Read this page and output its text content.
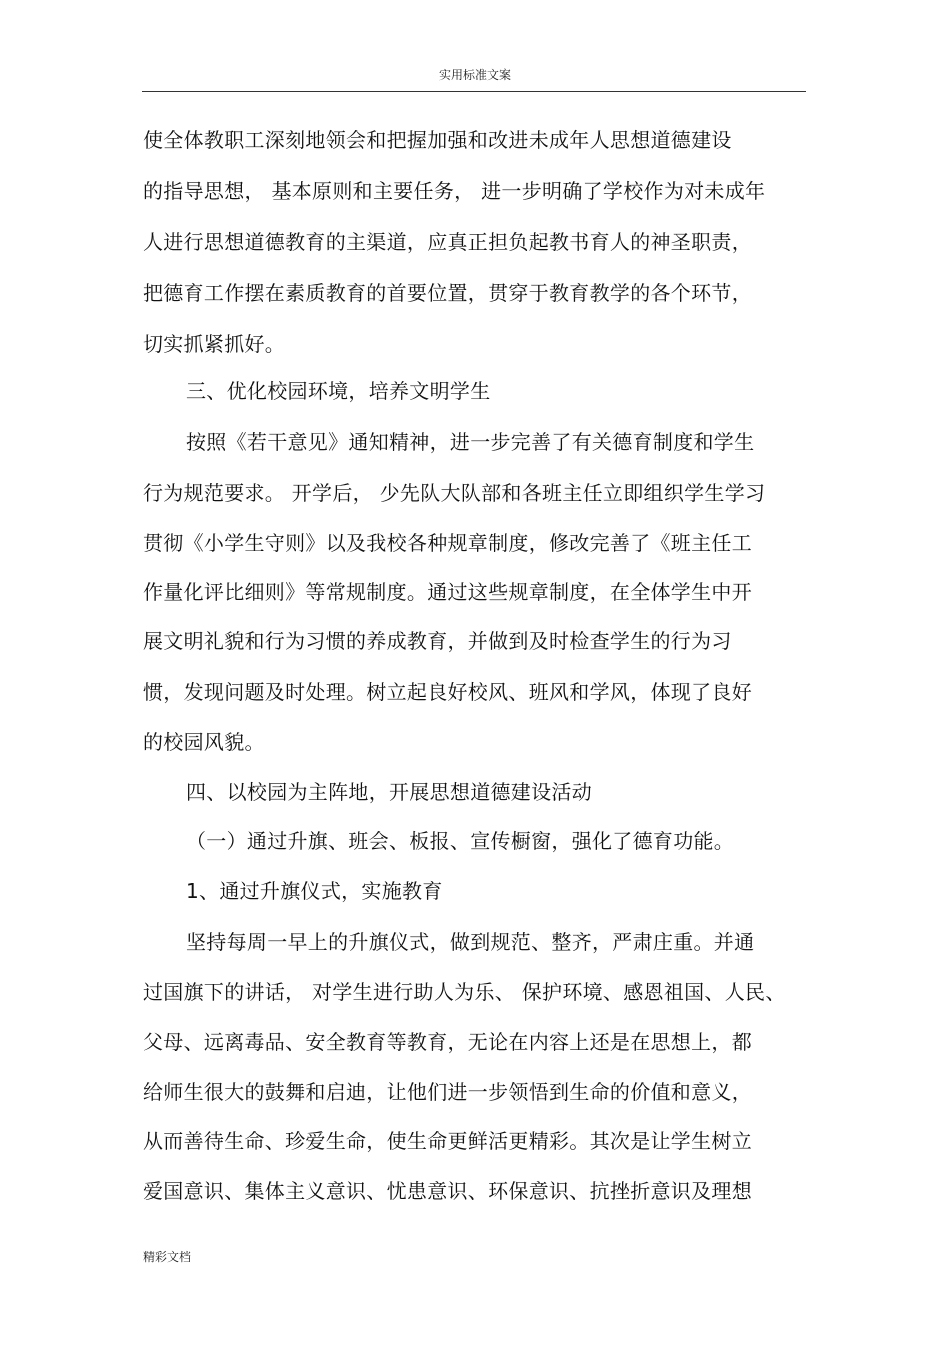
实用标准文案

使全体教职工深刻地领会和把握加强和改进未成年人思想道德建设

的指导思想， 基本原则和主要任务， 进一步明确了学校作为对未成年

人进行思想道德教育的主渠道，应真正担负起教书育人的神圣职责，

把德育工作摆在素质教育的首要位置，贯穿于教育教学的各个环节，

切实抓紧抓好。

三、优化校园环境，培养文明学生

按照《若干意见》通知精神，进一步完善了有关德育制度和学生

行为规范要求。 开学后， 少先队大队部和各班主任立即组织学生学习

贯彻《小学生守则》以及我校各种规章制度，修改完善了《班主任工

作量化评比细则》等常规制度。通过这些规章制度，在全体学生中开

展文明礼貌和行为习惯的养成教育，并做到及时检查学生的行为习

惯，发现问题及时处理。树立起良好校风、班风和学风，体现了良好

的校园风貌。

四、以校园为主阵地，开展思想道德建设活动

（一）通过升旗、班会、板报、宣传橱窗，强化了德育功能。

1、通过升旗仪式，实施教育

坚持每周一早上的升旗仪式，做到规范、整齐，严肃庄重。并通

过国旗下的讲话， 对学生进行助人为乐、 保护环境、感恩祖国、人民、

父母、远离毒品、安全教育等教育，无论在内容上还是在思想上，都

给师生很大的鼓舞和启迪，让他们进一步领悟到生命的价值和意义，

从而善待生命、珍爱生命，使生命更鲜活更精彩。其次是让学生树立

爱国意识、集体主义意识、忧患意识、环保意识、抗挫折意识及理想

精彩文档
